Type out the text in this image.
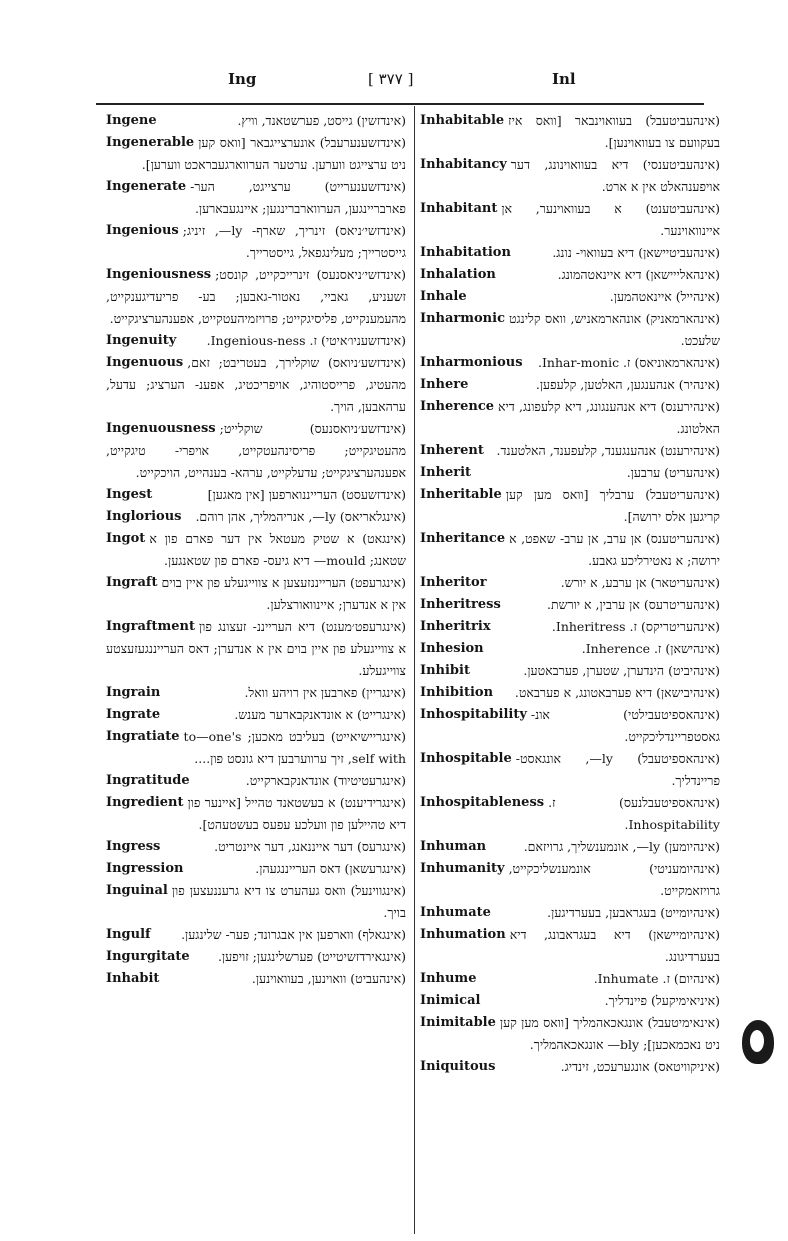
Ing	[ ٣٧٧ ]	Inl
Ingene	(אינדזשין) גייסט, פערשטאנד, וויץ.
Ingenerable	(אינדזשענערעבל) אונערצייגבאר [וואס קען ניט ערצייגט ווערען. ערטער הערווארגעבראכט ווערען].
Ingenerate	(אינדזשענערייט) ערצייגט, הער- פארבריינגען, הערווארברינגען; איינגעבארען.
Ingenious	(אינדזשי׳ניאס) זינריך, שארף- ly—, זיניג; גייסטרייך; מעלינגפאל, גייסטרייך.
Ingeniousness	(אינדזשי׳ניאסנעס) זינרייכקייט, קונסט; זשעניע, גאביי, נאטור-גאבען; בע- פריעדיגענקייט, מהעמענקייט, פליסיגקייט; פרויזמיהעטקייט, אפענהערציגקייט.
Ingenuity	(אינדזשעניו׳איטי) ז. Ingenious-ness.
Ingenuous	(אינדזשע׳ניואס) שוקלירך, בעטריבט; זאם, מהעטיג, פרייסטוהיג, אויפריכטיג, אפענ- הערציג; עדעל, ערהאבען, הויך.
Ingenuousness	(אינדזשע׳ניואסנעס) שוקלייט; מהעטיגקייט; פריסינהעטקייט, אויפרי- טיגקייט, אפענהערציגקייט; עדעלקייט, ערהא- בענהייט, הויכקייט.
Ingest	(אינדזשעסט) הערייננוארפען [אין מאגען]
Inglorious	(אינגלאריאס) ly—, אנריהמליך, אהן רוהם.
Ingot	(אינגאט) א שטיק מעטאל אין דער פארם פון א שטאנג; mould— דיא גיעס- פארם פון שטאנגען.
Ingraft	(אינגרעפט) הערייננזעצען א צווייגעלע פון איין בוים אין א אנדערן; איינוואורצלען.
Ingraftment	(אינגרעפט׳מענט) דיא הערייננ- זעצונג פון א צווייגעלע פון איין בוים אין א אנדערן; דאס הערייננגעזעצטע צווייגעלע.
Ingrain	(אינגריין) פארבען אין רויהע וואל.
Ingrate	(אינגרייט) א אונדאנקבארער מענש.
Ingratiate	(אינגריישיאייט) בעליבט מאכען; to—one's self with, זיך ערווערבען דיא גונסט פון....
Ingratitude	(אינגרעטיטיוד) אונדאנקבארקייט.
Ingredient	(אינגרידיענט) א בעשטאנד טהייל [איינער פון דיא טהיילען פון וועלכע עפעס בעשטעהט].
Ingress	(אינגרעס) דער אייננאנג, דער איינטריט.
Ingression	(אינגרעשאן) דאס הערייננגעהן.
Inguinal	(אינגווינעל) וואס געהערט צו דיא גרעננעצען פון בויך.
Ingulf	(אינגאלף) ווארפען אין אבגרונד; פער- שלינגען.
Ingurgitate	(אינגאירדזשיטייט) פערשלינגען; זויפען.
Inhabit	(אינהעביט) וואוינען, בעוואוינען.
Inhabitable	(אינהעביטעבל) בעוואוינבאר [וואס איז בעקוועם צו בעוואוינען].
Inhabitancy	(אינהעביטענסי) דיא בעוואוינונג, דער אויפענהאלט אין א ארט.
Inhabitant	(אינהעביטענט) א בעוואוינער, אן איינוואוינער.
Inhabitation	(אינהעביטיישאן) דיא בעוואוי- נונג.
Inhalation	(אינהאלייישאן) דיא איינאטהמונג.
Inhale	(אינהייל) איינאטהמען.
Inharmonic	(אינהארמאניק) אונהארמאניש, וואס קלינגט שלעכט.
Inharmonious	(אינהארמאוניאס) ז. Inhar-monic.
Inhere	(אינהיר) אנהענגען, האלטען, קלעפען.
Inherence	(אינהירענס) דיא אנהענגונג, דיא קלעפונג, דיא האלטונג.
Inherent	(אינהירענט) אנהענגענד, קלעפענד, האלטענד.
Inherit	(אינהעריט) ערבען.
Inheritable	(אינהעריטעבל) ערבליך [וואס מען קען קריגען אלס ירושה].
Inheritance	(אינהעריטענס) אן ערב, אן ערב- שאפט, א ירושה; א נאטירליכע גאבע.
Inheritor	(אינהעריטאר) אן ערבע, א יורש.
Inheritress	(אינהעריטרעס) אן ערבין, א יורשת.
Inheritrix	(אינהעריטריקס) ז. Inheritress.
Inhesion	(אינהישאן) ז. Inherence.
Inhibit	(אינהיביט) הינדערן, שטערן, פערבאטען.
Inhibition	(אינהיבישאן) דיא פערבאטונג, א פערבאט.
Inhospitability	(אינהאספיטעבילטי) אונ- גאסטפריינדליכקייט.
Inhospitable	(אינהאספיטעבל) ly—, אונגאסט- פריינדליך.
Inhospitableness	(אינהאספיטעבלנעס) ז. Inhospitability.
Inhuman	(אינהיומען) ly—, אונמענשליך, גרויזאם.
Inhumanity	(אינהיומעניטי) אונמענשליכקייט, גרויזאמקייט.
Inhumate	(אינהיומייט) בעגראבען, בעערדיגען.
Inhumation	(אינהיומיישאן) דיא בעגראבונג, דיא בעערדיגונג.
Inhume	(אינהיום) ז. Inhumate.
Inimical	(איניאימיקעל) פיינדליך.
Inimitable	(אינאימיטעבל) אונגאכאהמליך [וואס מען קען ניט נאכמאכען]; bly— אונגאכאהמליך.
Iniquitous	(איניקוויטאס) אונגערעכט, זינדיג.
